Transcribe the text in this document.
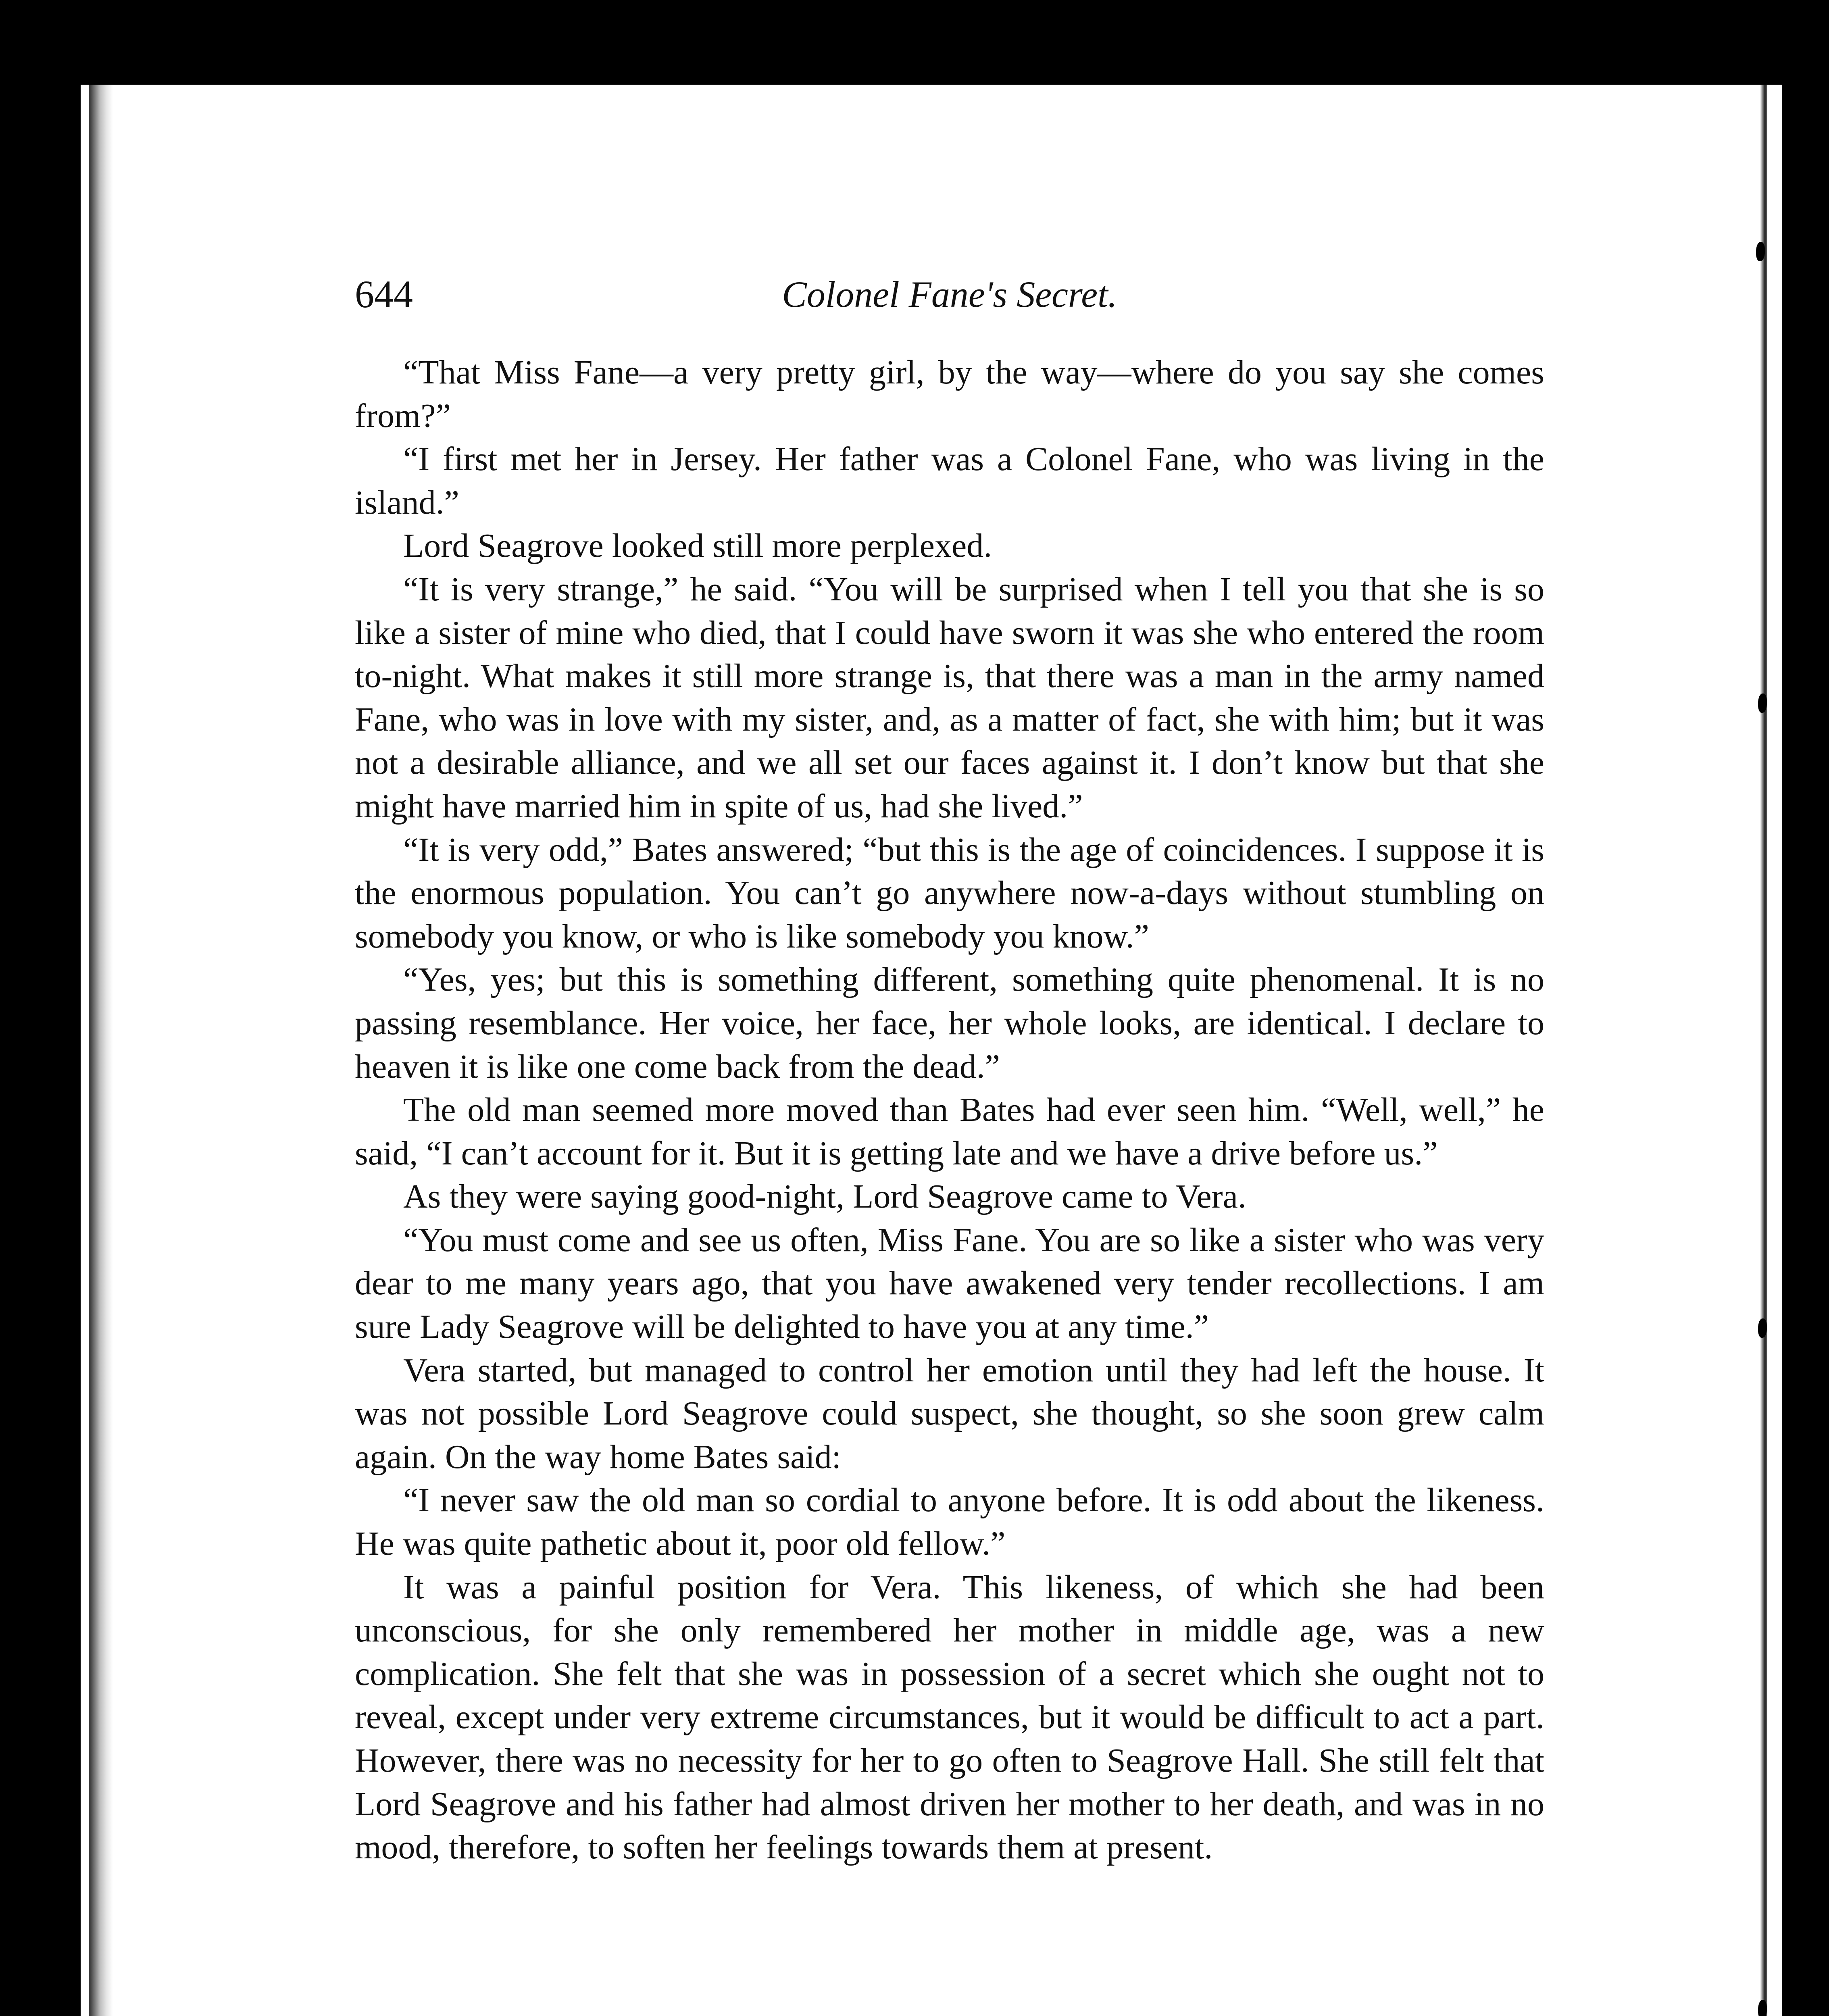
644	Colonel Fane's Secret.

“That Miss Fane—a very pretty girl, by the way—where do you say she comes from?”

“I first met her in Jersey. Her father was a Colonel Fane, who was living in the island.”

Lord Seagrove looked still more perplexed.

“It is very strange,” he said. “You will be surprised when I tell you that she is so like a sister of mine who died, that I could have sworn it was she who entered the room to-night. What makes it still more strange is, that there was a man in the army named Fane, who was in love with my sister, and, as a matter of fact, she with him; but it was not a desirable alliance, and we all set our faces against it. I don’t know but that she might have married him in spite of us, had she lived.”

“It is very odd,” Bates answered; “but this is the age of coincidences. I suppose it is the enormous population. You can’t go anywhere now-a-days without stumbling on somebody you know, or who is like somebody you know.”

“Yes, yes; but this is something different, something quite phenomenal. It is no passing resemblance. Her voice, her face, her whole looks, are identical. I declare to heaven it is like one come back from the dead.”

The old man seemed more moved than Bates had ever seen him. “Well, well,” he said, “I can’t account for it. But it is getting late and we have a drive before us.”

As they were saying good-night, Lord Seagrove came to Vera.

“You must come and see us often, Miss Fane. You are so like a sister who was very dear to me many years ago, that you have awakened very tender recollections. I am sure Lady Seagrove will be delighted to have you at any time.”

Vera started, but managed to control her emotion until they had left the house. It was not possible Lord Seagrove could suspect, she thought, so she soon grew calm again. On the way home Bates said:

“I never saw the old man so cordial to anyone before. It is odd about the likeness. He was quite pathetic about it, poor old fellow.”

It was a painful position for Vera. This likeness, of which she had been unconscious, for she only remembered her mother in middle age, was a new complication. She felt that she was in possession of a secret which she ought not to reveal, except under very extreme circumstances, but it would be difficult to act a part. However, there was no necessity for her to go often to Seagrove Hall. She still felt that Lord Seagrove and his father had almost driven her mother to her death, and was in no mood, therefore, to soften her feelings towards them at present.
